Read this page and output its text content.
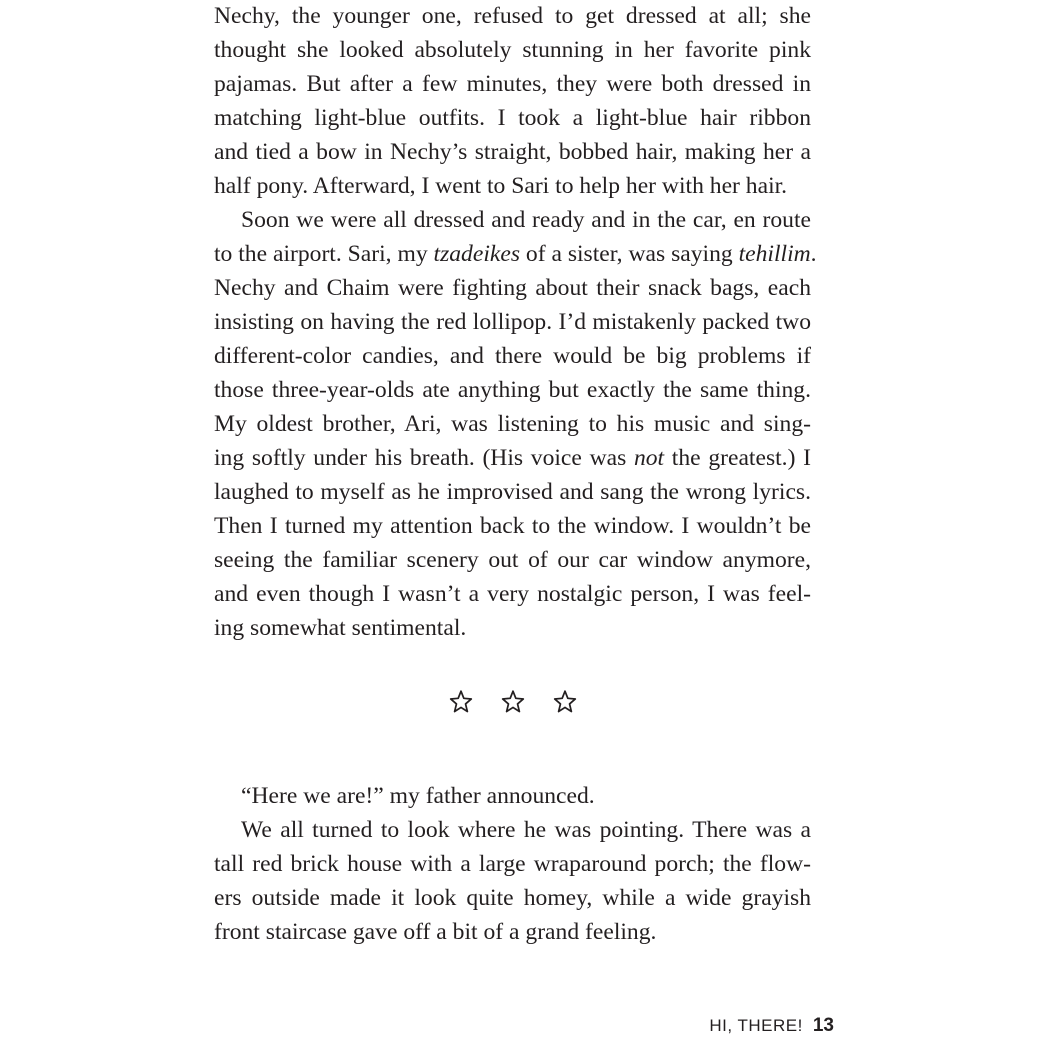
Nechy, the younger one, refused to get dressed at all; she
thought she looked absolutely stunning in her favorite pink
pajamas. But after a few minutes, they were both dressed in
matching light-blue outfits. I took a light-blue hair ribbon
and tied a bow in Nechy’s straight, bobbed hair, making her a
half pony. Afterward, I went to Sari to help her with her hair.
Soon we were all dressed and ready and in the car, en route
to the airport. Sari, my tzadeikes of a sister, was saying tehillim.
Nechy and Chaim were fighting about their snack bags, each
insisting on having the red lollipop. I’d mistakenly packed two
different-color candies, and there would be big problems if
those three-year-olds ate anything but exactly the same thing.
My oldest brother, Ari, was listening to his music and sing-
ing softly under his breath. (His voice was not the greatest.) I
laughed to myself as he improvised and sang the wrong lyrics.
Then I turned my attention back to the window. I wouldn’t be
seeing the familiar scenery out of our car window anymore,
and even though I wasn’t a very nostalgic person, I was feel-
ing somewhat sentimental.
“Here we are!” my father announced.
We all turned to look where he was pointing. There was a
tall red brick house with a large wraparound porch; the flow-
ers outside made it look quite homey, while a wide grayish
front staircase gave off a bit of a grand feeling.
HI, THERE! 13
